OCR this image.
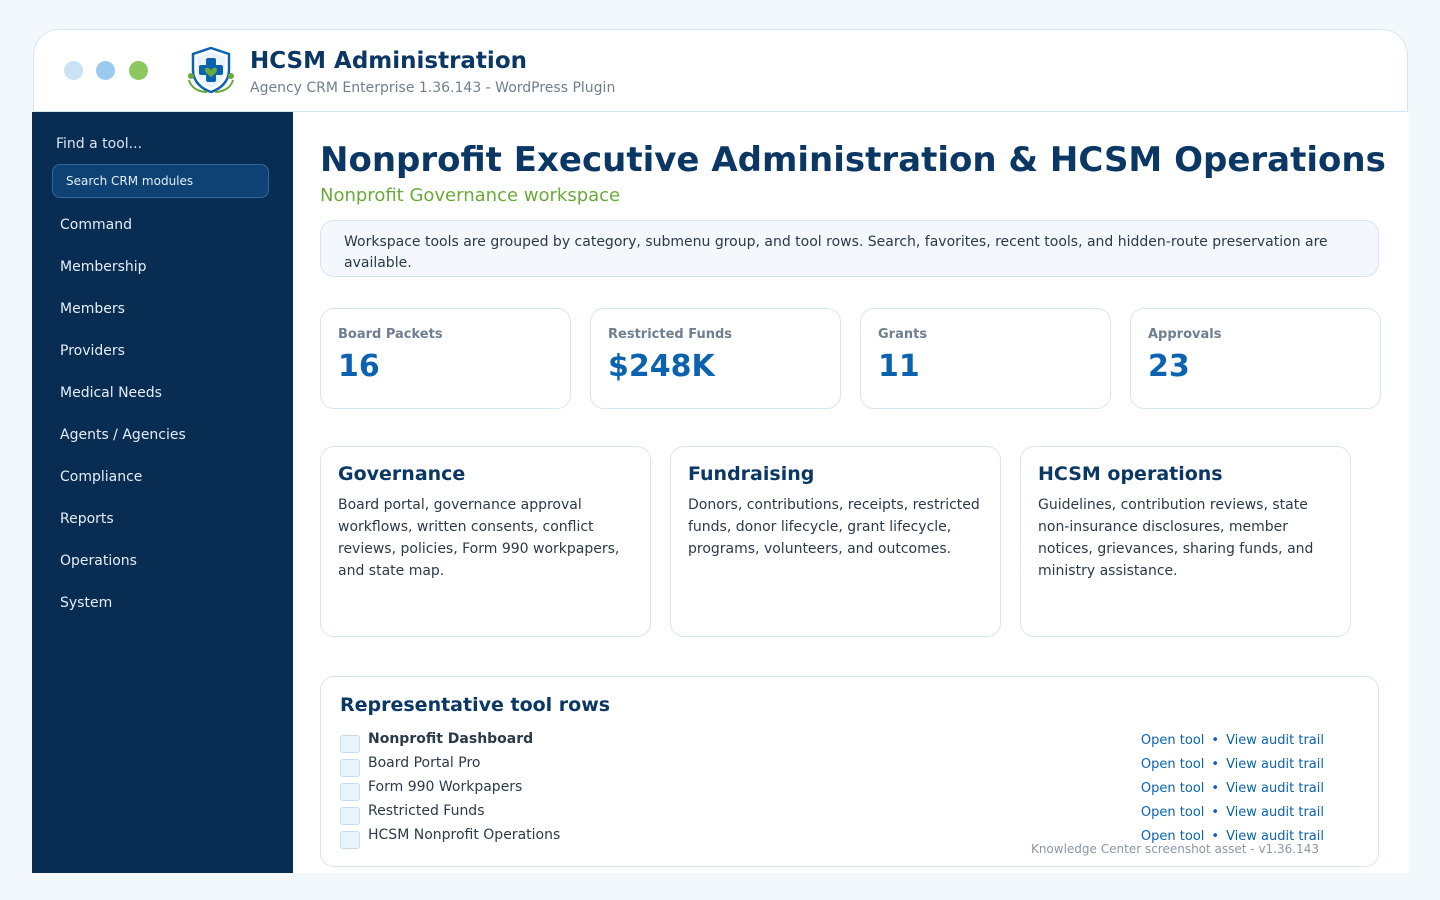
HCSM Administration
Agency CRM Enterprise 1.36.143 - WordPress Plugin
Find a tool...
Search CRM modules
Command
Membership
Members
Providers
Medical Needs
Agents / Agencies
Compliance
Reports
Operations
System
Nonprofit Executive Administration & HCSM Operations
Nonprofit Governance workspace
Workspace tools are grouped by category, submenu group, and tool rows. Search, favorites, recent tools, and hidden-route preservation are available.
Board Packets
16
Restricted Funds
$248K
Grants
11
Approvals
23
Governance
Board portal, governance approval workflows, written consents, conflict reviews, policies, Form 990 workpapers, and state map.
Fundraising
Donors, contributions, receipts, restricted funds, donor lifecycle, grant lifecycle, programs, volunteers, and outcomes.
HCSM operations
Guidelines, contribution reviews, state non-insurance disclosures, member notices, grievances, sharing funds, and ministry assistance.
Representative tool rows
Nonprofit Dashboard	Open tool • View audit trail
Board Portal Pro	Open tool • View audit trail
Form 990 Workpapers	Open tool • View audit trail
Restricted Funds	Open tool • View audit trail
HCSM Nonprofit Operations	Open tool • View audit trail
Knowledge Center screenshot asset - v1.36.143
